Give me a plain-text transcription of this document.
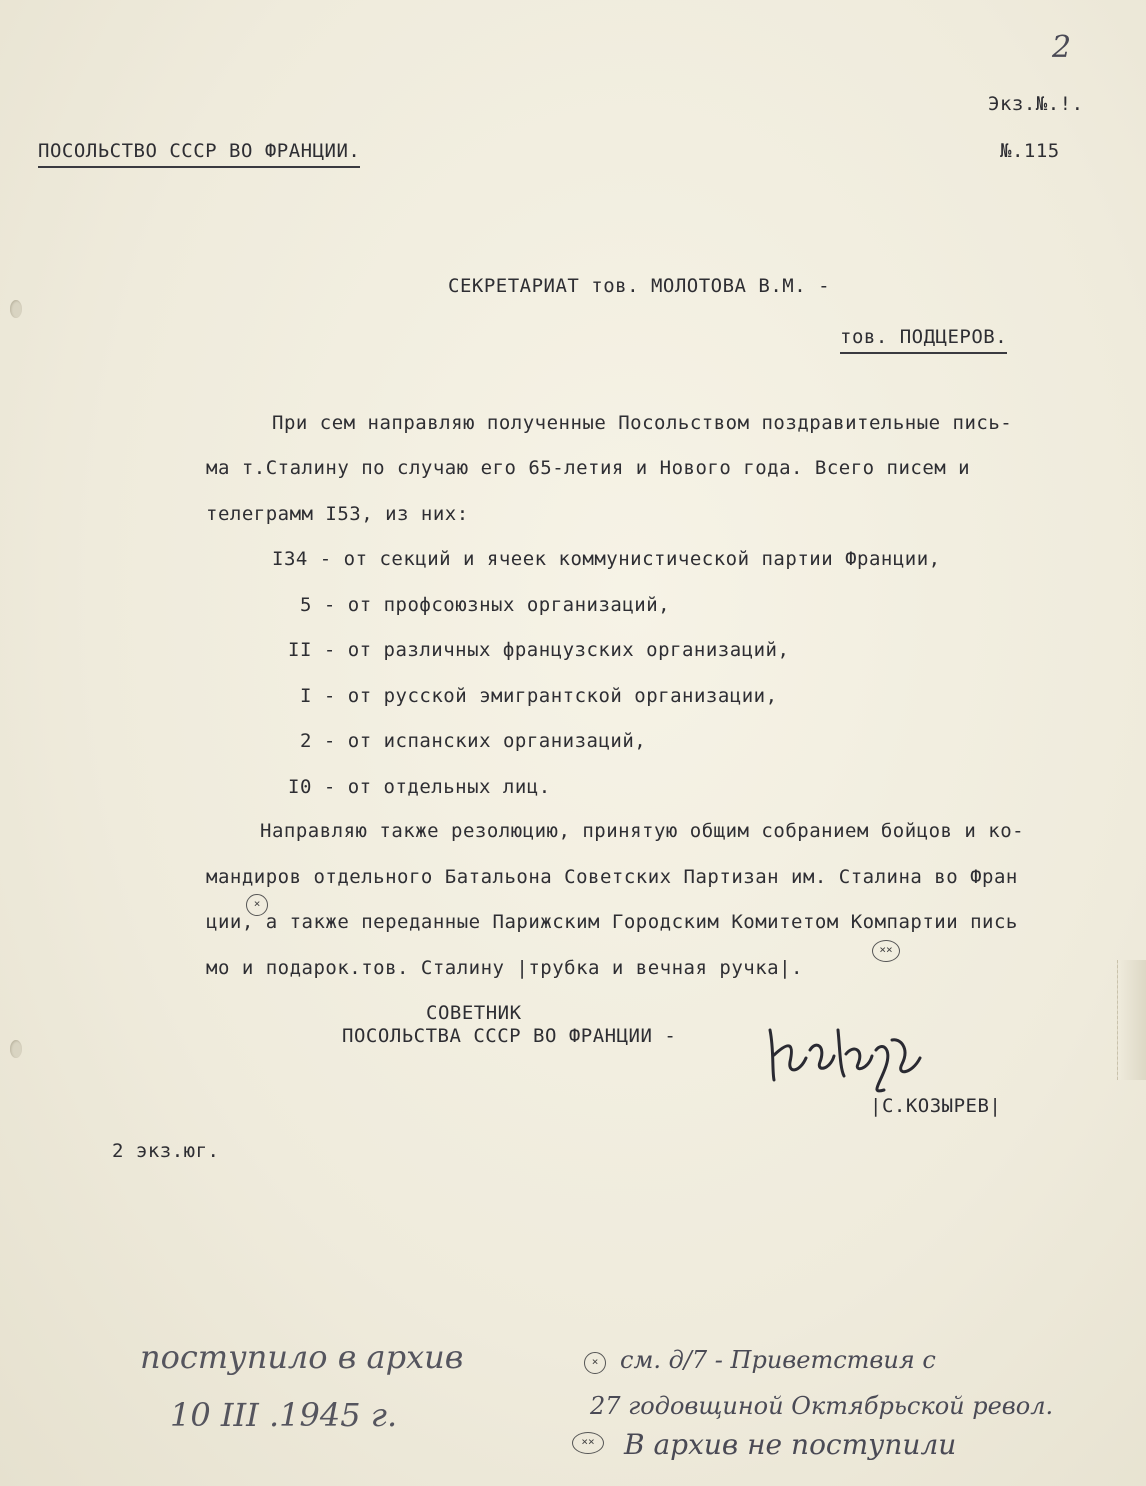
2
Экз.№.!.
№.115
ПОСОЛЬСТВО СССР ВО ФРАНЦИИ.
СЕКРЕТАРИАТ тов. МОЛОТОВА В.М. -
тов. ПОДЦЕРОВ.
При сем направляю полученные Посольством поздравительные пись-
ма т.Сталину по случаю его 65-летия и Нового года. Всего писем и
телеграмм I53, из них:
I34 - от секций и ячеек коммунистической партии Франции,
5 - от профсоюзных организаций,
II - от различных французских организаций,
I - от русской эмигрантской организации,
2 - от испанских организаций,
I0 - от отдельных лиц.
Направляю также резолюцию, принятую общим собранием бойцов и ко-
мандиров отдельного Батальона Советских Партизан им. Сталина во Фран
ции, а также переданные Парижским Городским Комитетом Компартии пись
мо и подарок.тов. Сталину |трубка и вечная ручка|.
×
××
СОВЕТНИК
ПОСОЛЬСТВА СССР ВО ФРАНЦИИ -
|С.КОЗЫРЕВ|
2 экз.юг.
поступило в архив
10 III .1945 г.
× см. д/7 - Приветствия с
27 годовщиной Октябрьской револ.
××	В архив не поступили
